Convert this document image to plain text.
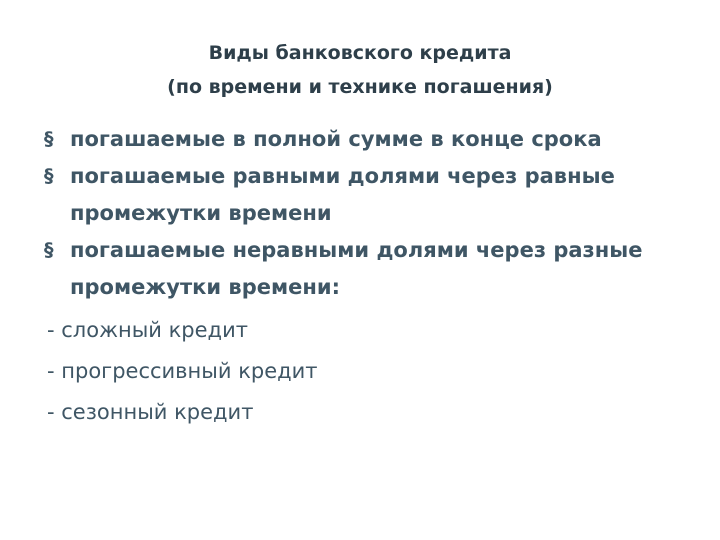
Виды банковского кредита
(по времени и технике погашения)
§ погашаемые в полной сумме в конце срока
§ погашаемые равными долями через равные промежутки времени
§ погашаемые неравными долями через разные промежутки времени:
- сложный кредит
- прогрессивный кредит
- сезонный кредит
